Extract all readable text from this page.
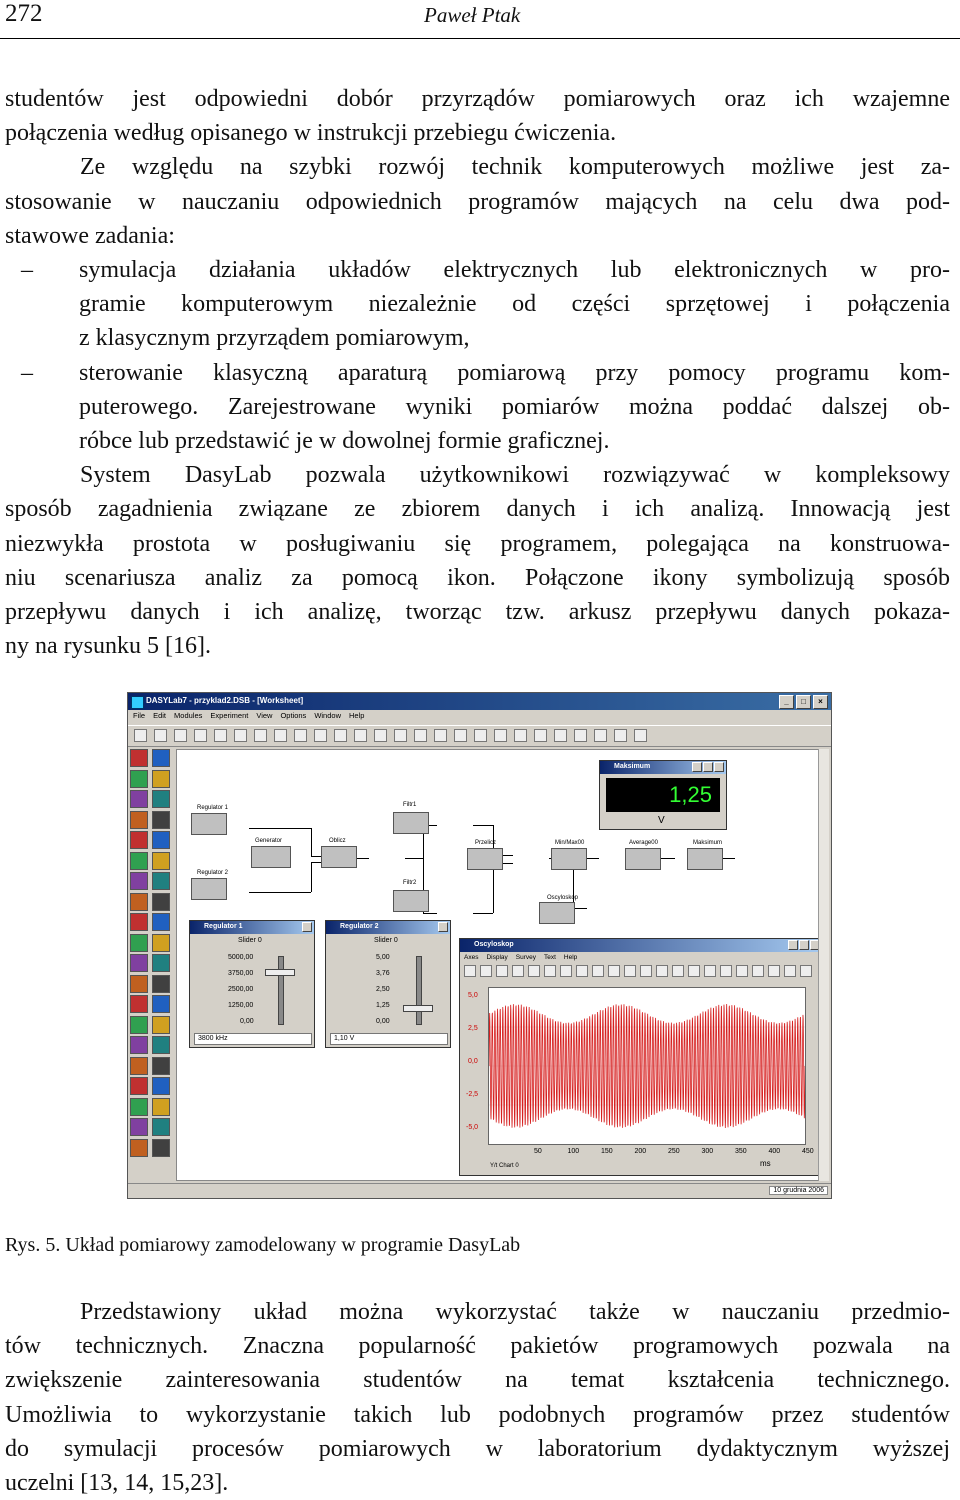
272	Paweł Ptak

studentów jest odpowiedni dobór przyrządów pomiarowych oraz ich wzajemne

połączenia według opisanego w instrukcji przebiegu ćwiczenia.

Ze względu na szybki rozwój technik komputerowych możliwe jest za-

stosowanie w nauczaniu odpowiednich programów mających na celu dwa pod-

stawowe zadania:

– symulacja działania układów elektrycznych lub elektronicznych w pro-

gramie komputerowym niezależnie od części sprzętowej i połączenia

z klasycznym przyrządem pomiarowym,

– sterowanie klasyczną aparaturą pomiarową przy pomocy programu kom-

puterowego. Zarejestrowane wyniki pomiarów można poddać dalszej ob-

róbce lub przedstawić je w dowolnej formie graficznej.

System DasyLab pozwala użytkownikowi rozwiązywać w kompleksowy

sposób zagadnienia związane ze zbiorem danych i ich analizą. Innowacją jest

niezwykła prostota w posługiwaniu się programem, polegająca na konstruowa-

niu scenariusza analiz za pomocą ikon. Połączone ikony symbolizują sposób

przepływu danych i ich analizę, tworząc tzw. arkusz przepływu danych pokaza-

ny na rysunku 5 [16].

DASYLab7 - przyklad2.DSB - [Worksheet]	_	□	×
File Edit Modules Experiment View Options Window Help
Regulator 1
Regulator 2
Generator	Oblicz
Filtr1
Filtr2
Przelicz	Min/Max00	Average00	Maksimum
Oscyloskop
Maksimum
1,25
V
Regulator 1
Slider 0
5000,00
3750,00
2500,00
1250,00
0,00
3800 kHz
Regulator 2
Slider 0
5,00
3,76
2,50
1,25
0,00
1,10 V
Oscyloskop
Axes Display Survey Text Help
5,0
2,5
0,0
-2,5
-5,0
50	100	150	200	250	300	350	400	450
ms
Y/t Chart 0
10 grudnia 2006
Rys. 5. Układ pomiarowy zamodelowany w programie DasyLab

Przedstawiony układ można wykorzystać także w nauczaniu przedmio-

tów technicznych. Znaczna popularność pakietów programowych pozwala na

zwiększenie zainteresowania studentów na temat kształcenia technicznego.

Umożliwia to wykorzystanie takich lub podobnych programów przez studentów

do symulacji procesów pomiarowych w laboratorium dydaktycznym wyższej

uczelni [13, 14, 15,23].
